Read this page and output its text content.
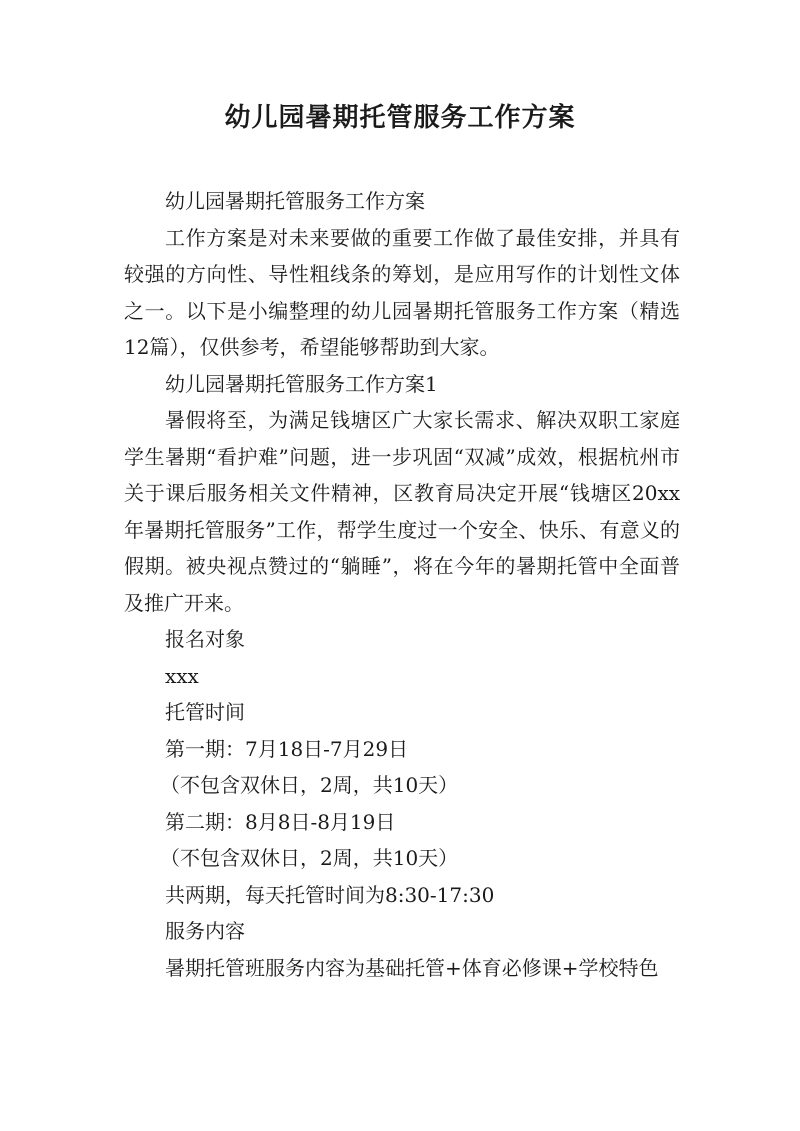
幼儿园暑期托管服务工作方案

幼儿园暑期托管服务工作方案

工作方案是对未来要做的重要工作做了最佳安排，并具有较强的方向性、导性粗线条的筹划，是应用写作的计划性文体之一。以下是小编整理的幼儿园暑期托管服务工作方案（精选12篇），仅供参考，希望能够帮助到大家。

幼儿园暑期托管服务工作方案1

暑假将至，为满足钱塘区广大家长需求、解决双职工家庭学生暑期“看护难”问题，进一步巩固“双减”成效，根据杭州市关于课后服务相关文件精神，区教育局决定开展“钱塘区20xx年暑期托管服务”工作，帮学生度过一个安全、快乐、有意义的假期。被央视点赞过的“躺睡”，将在今年的暑期托管中全面普及推广开来。

报名对象

xxx

托管时间

第一期：7月18日-7月29日

（不包含双休日，2周，共10天）

第二期：8月8日-8月19日

（不包含双休日，2周，共10天）

共两期，每天托管时间为8:30-17:30

服务内容

暑期托管班服务内容为基础托管+体育必修课+学校特色
